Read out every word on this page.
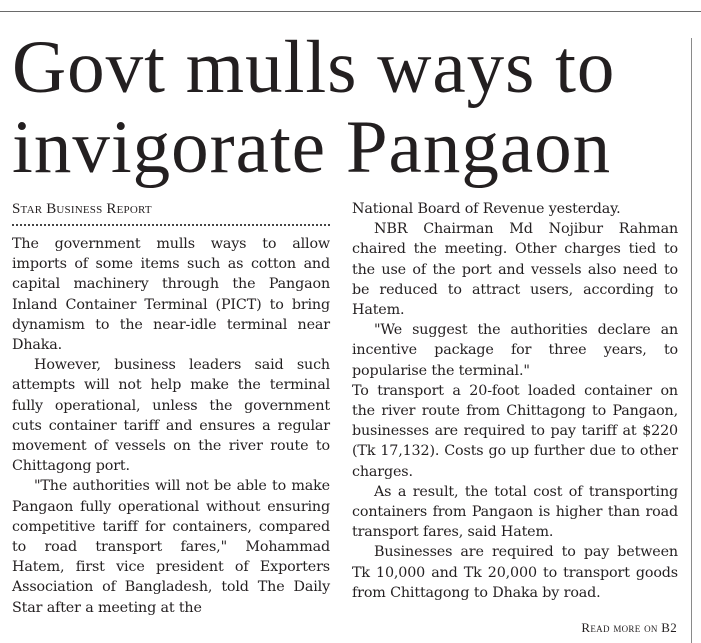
Govt mulls ways to invigorate Pangaon
Star Business Report

The government mulls ways to allow imports of some items such as cotton and capital machinery through the Pangaon Inland Container Terminal (PICT) to bring dynamism to the near-idle terminal near Dhaka.

However, business leaders said such attempts will not help make the terminal fully operational, unless the government cuts container tariff and ensures a regular movement of vessels on the river route to Chittagong port.

"The authorities will not be able to make Pangaon fully operational without ensuring competitive tariff for containers, compared to road transport fares," Mohammad Hatem, first vice president of Exporters Association of Bangladesh, told The Daily Star after a meeting at the

National Board of Revenue yesterday.

NBR Chairman Md Nojibur Rahman chaired the meeting. Other charges tied to the use of the port and vessels also need to be reduced to attract users, according to Hatem.

"We suggest the authorities declare an incentive package for three years, to popularise the terminal."

To transport a 20-foot loaded container on the river route from Chittagong to Pangaon, businesses are required to pay tariff at $220 (Tk 17,132). Costs go up further due to other charges.

As a result, the total cost of transporting containers from Pangaon is higher than road transport fares, said Hatem.

Businesses are required to pay between Tk 10,000 and Tk 20,000 to transport goods from Chittagong to Dhaka by road.

Read more on B2
